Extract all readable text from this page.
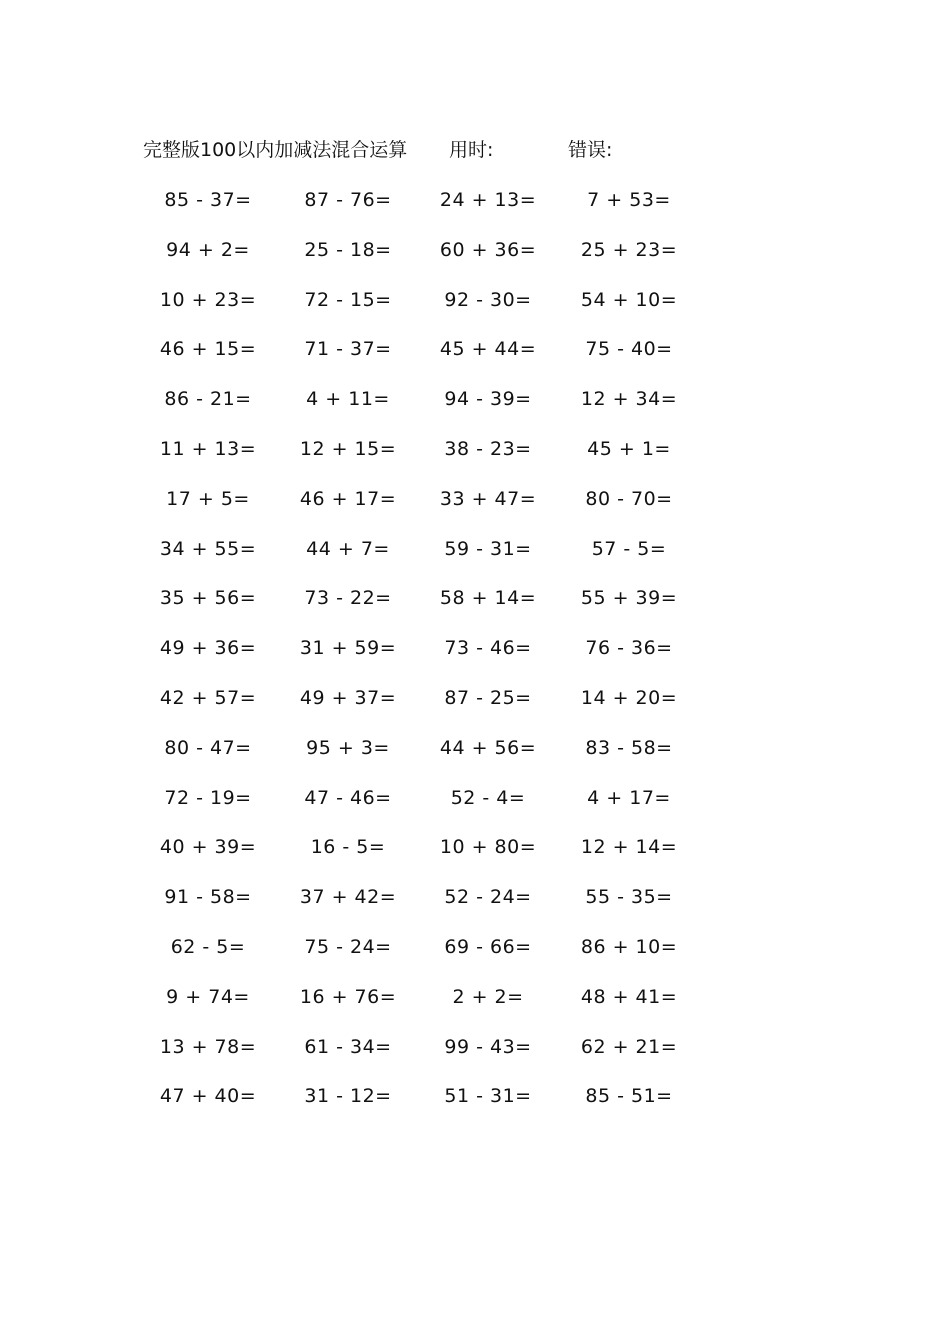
完整版100以内加减法混合运算 用时:	错误:
85 - 37=	87 - 76=	24 + 13=	7 + 53=
94 + 2=	25 - 18=	60 + 36=	25 + 23=
10 + 23=	72 - 15=	92 - 30=	54 + 10=
46 + 15=	71 - 37=	45 + 44=	75 - 40=
86 - 21=	4 + 11=	94 - 39=	12 + 34=
11 + 13=	12 + 15=	38 - 23=	45 + 1=
17 + 5=	46 + 17=	33 + 47=	80 - 70=
34 + 55=	44 + 7=	59 - 31=	57 - 5=
35 + 56=	73 - 22=	58 + 14=	55 + 39=
49 + 36=	31 + 59=	73 - 46=	76 - 36=
42 + 57=	49 + 37=	87 - 25=	14 + 20=
80 - 47=	95 + 3=	44 + 56=	83 - 58=
72 - 19=	47 - 46=	52 - 4=	4 + 17=
40 + 39=	16 - 5=	10 + 80=	12 + 14=
91 - 58=	37 + 42=	52 - 24=	55 - 35=
62 - 5=	75 - 24=	69 - 66=	86 + 10=
9 + 74=	16 + 76=	2 + 2=	48 + 41=
13 + 78=	61 - 34=	99 - 43=	62 + 21=
47 + 40=	31 - 12=	51 - 31=	85 - 51=
